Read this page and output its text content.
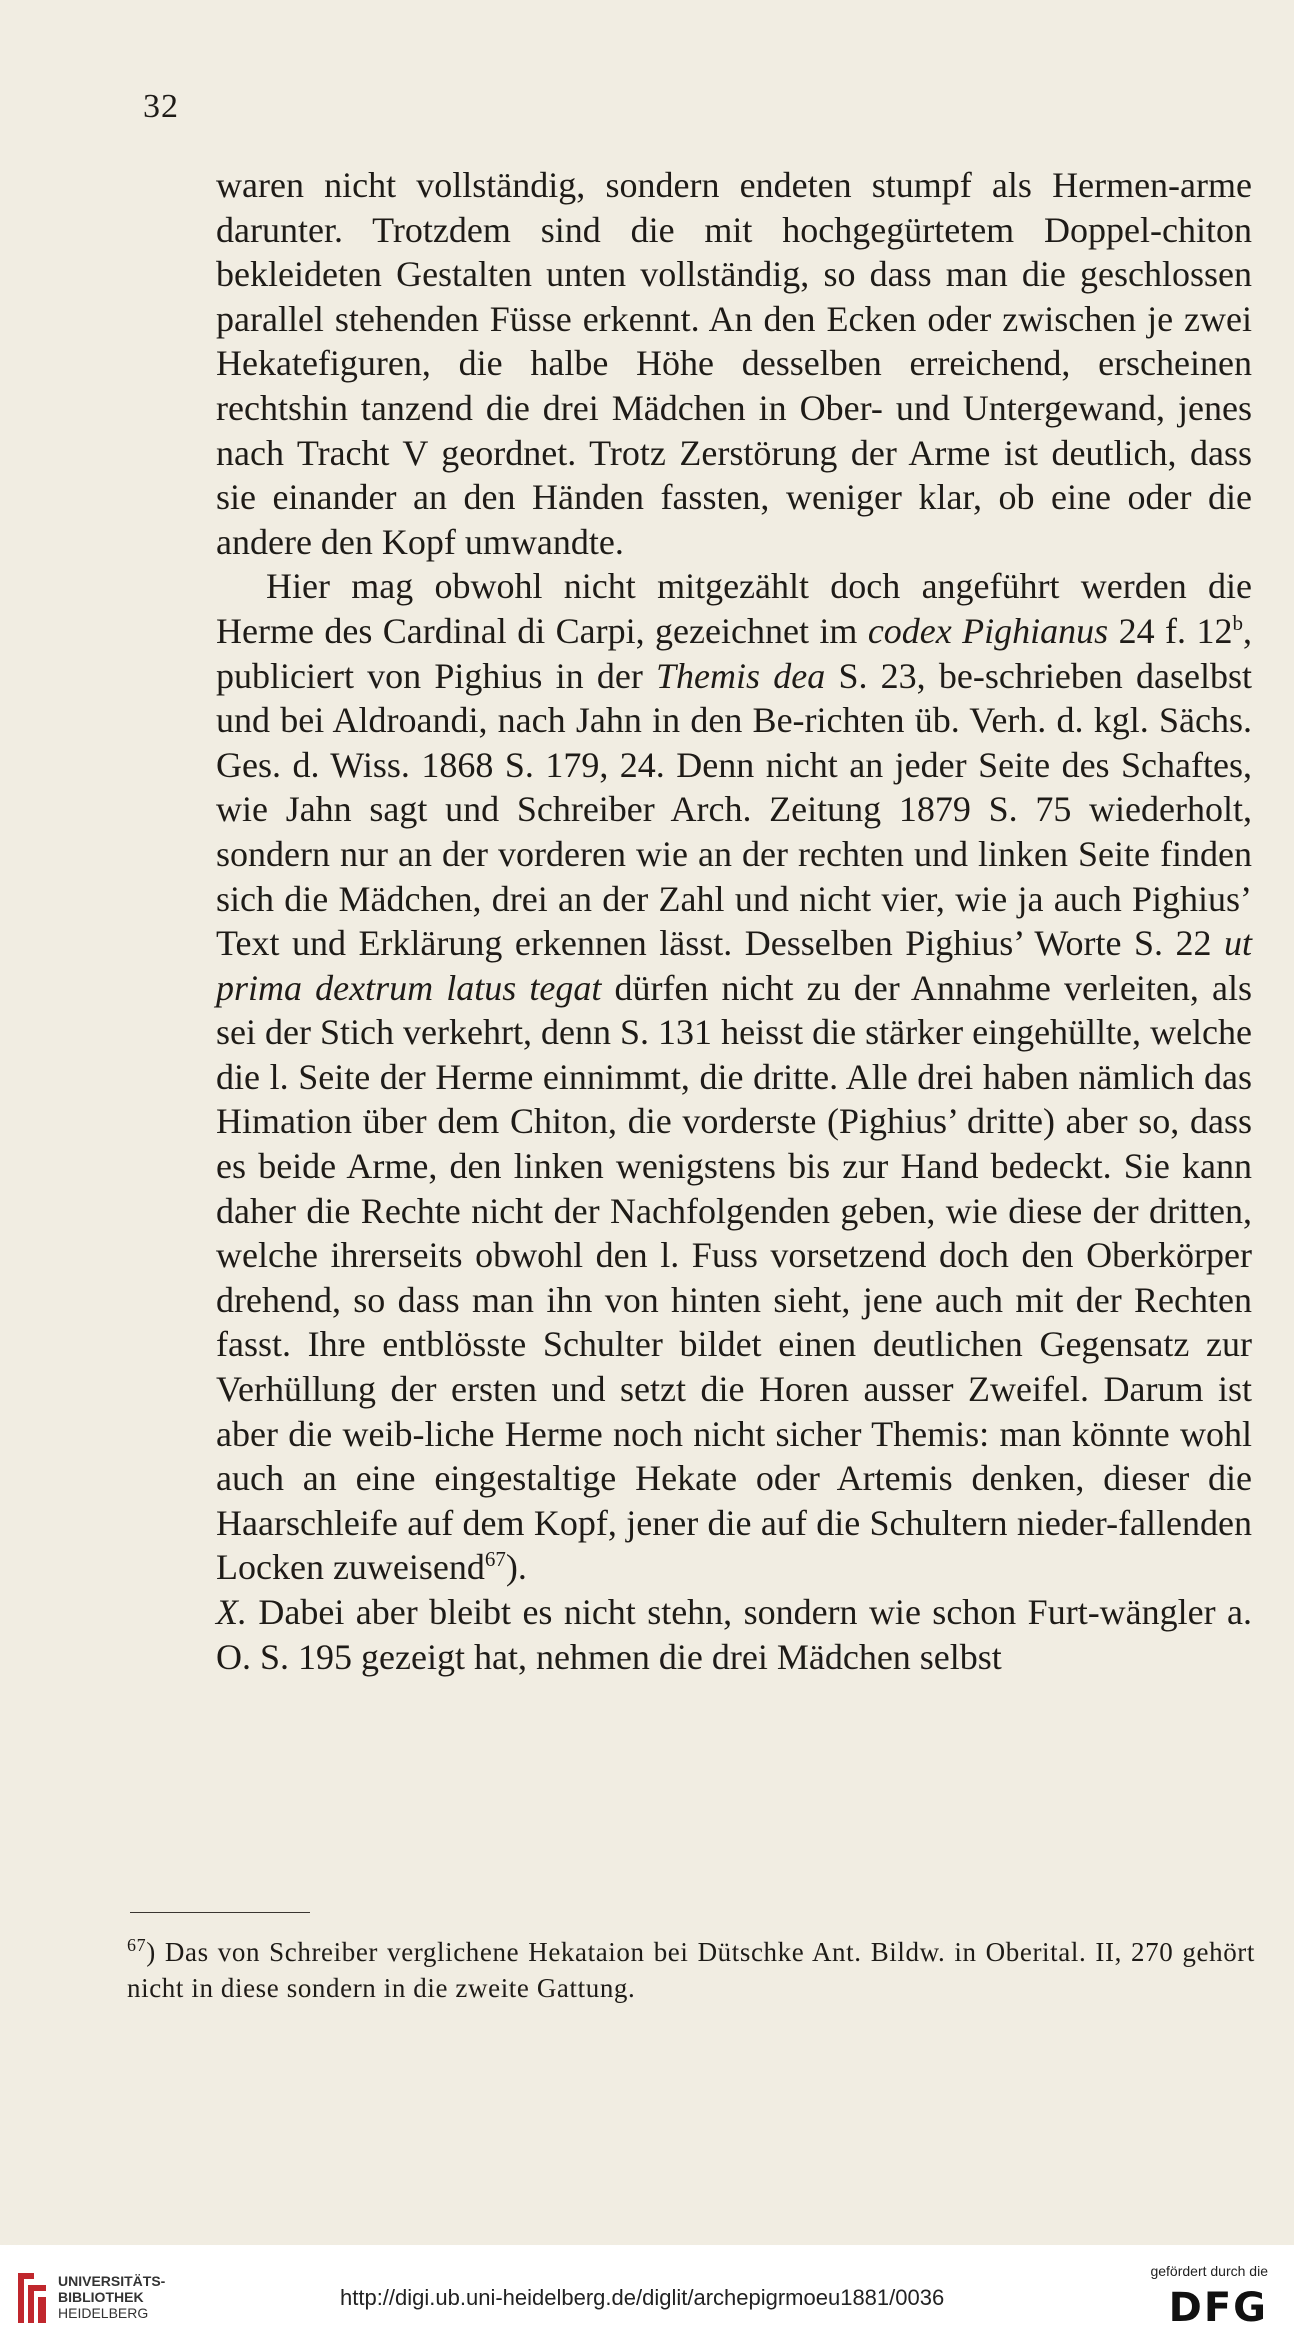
32

waren nicht vollständig, sondern endeten stumpf als Hermen-arme darunter. Trotzdem sind die mit hochgegürtetem Doppel-chiton bekleideten Gestalten unten vollständig, so dass man die geschlossen parallel stehenden Füsse erkennt. An den Ecken oder zwischen je zwei Hekatefiguren, die halbe Höhe desselben erreichend, erscheinen rechtshin tanzend die drei Mädchen in Ober- und Untergewand, jenes nach Tracht V geordnet. Trotz Zerstörung der Arme ist deutlich, dass sie einander an den Händen fassten, weniger klar, ob eine oder die andere den Kopf umwandte.

Hier mag obwohl nicht mitgezählt doch angeführt werden die Herme des Cardinal di Carpi, gezeichnet im codex Pighianus 24 f. 12$^b$, publiciert von Pighius in der Themis dea S. 23, be-schrieben daselbst und bei Aldroandi, nach Jahn in den Be-richten üb. Verh. d. kgl. Sächs. Ges. d. Wiss. 1868 S. 179, 24. Denn nicht an jeder Seite des Schaftes, wie Jahn sagt und Schreiber Arch. Zeitung 1879 S. 75 wiederholt, sondern nur an der vorderen wie an der rechten und linken Seite finden sich die Mädchen, drei an der Zahl und nicht vier, wie ja auch Pighius’ Text und Erklärung erkennen lässt. Desselben Pighius’ Worte S. 22 ut prima dextrum latus tegat dürfen nicht zu der Annahme verleiten, als sei der Stich verkehrt, denn S. 131 heisst die stärker eingehüllte, welche die l. Seite der Herme einnimmt, die dritte. Alle drei haben nämlich das Himation über dem Chiton, die vorderste (Pighius’ dritte) aber so, dass es beide Arme, den linken wenigstens bis zur Hand bedeckt. Sie kann daher die Rechte nicht der Nachfolgenden geben, wie diese der dritten, welche ihrerseits obwohl den l. Fuss vorsetzend doch den Oberkörper drehend, so dass man ihn von hinten sieht, jene auch mit der Rechten fasst. Ihre entblösste Schulter bildet einen deutlichen Gegensatz zur Verhüllung der ersten und setzt die Horen ausser Zweifel. Darum ist aber die weib-liche Herme noch nicht sicher Themis: man könnte wohl auch an eine eingestaltige Hekate oder Artemis denken, dieser die Haarschleife auf dem Kopf, jener die auf die Schultern nieder-fallenden Locken zuweisend$^{67}$).

X. Dabei aber bleibt es nicht stehn, sondern wie schon Furt-wängler a. O. S. 195 gezeigt hat, nehmen die drei Mädchen selbst

$^{67}$) Das von Schreiber verglichene Hekataion bei Dütschke Ant. Bildw. in Oberital. II, 270 gehört nicht in diese sondern in die zweite Gattung.
UNIVERSITÄTS-
BIBLIOTHEK
HEIDELBERG
http://digi.ub.uni-heidelberg.de/diglit/archepigrmoeu1881/0036
gefördert durch die
DFG
